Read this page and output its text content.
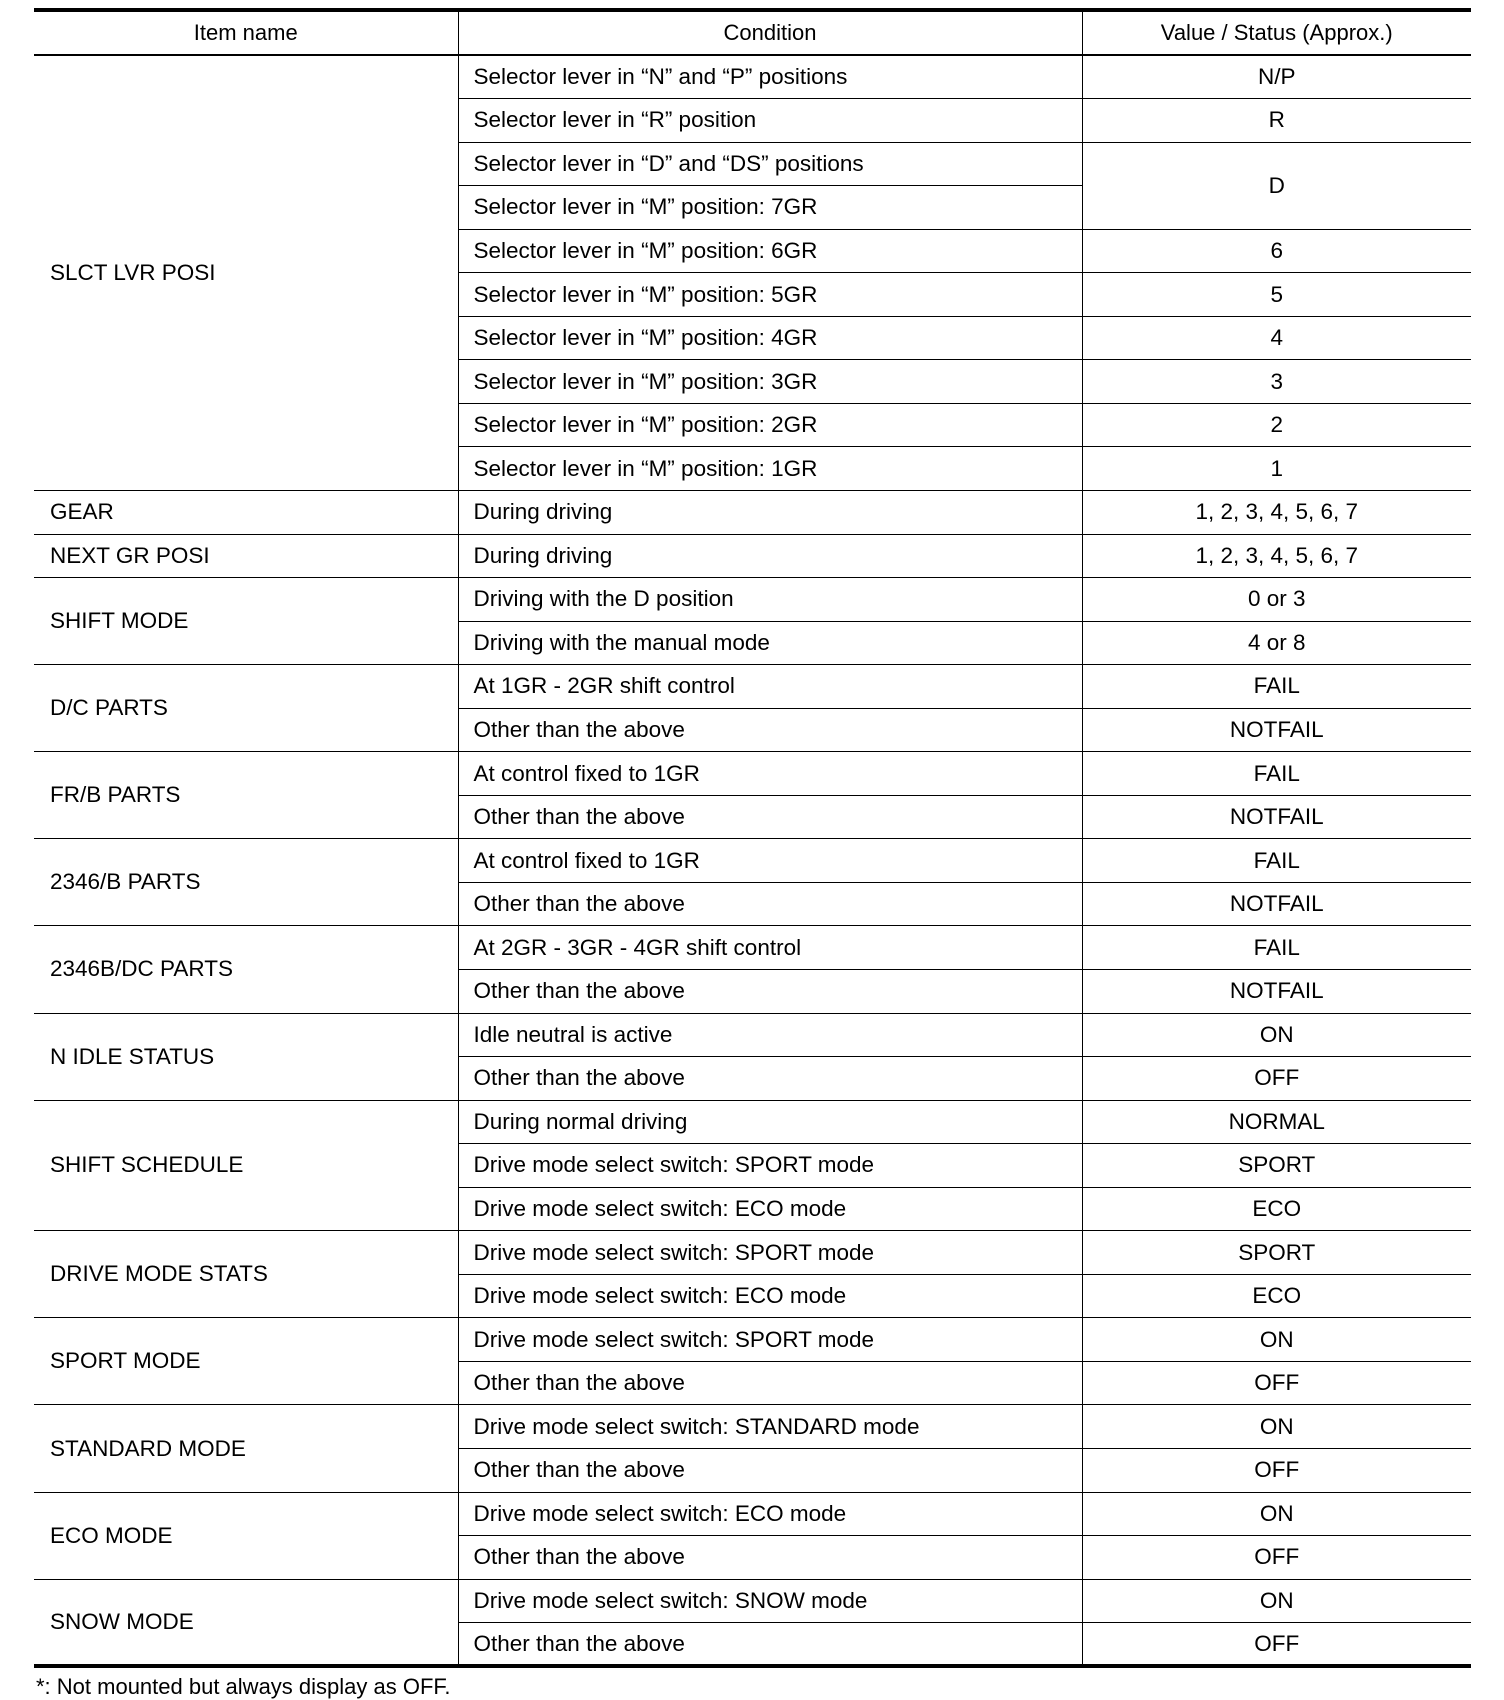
Item name	Condition	Value / Status (Approx.)
SLCT LVR POSI	Selector lever in “N” and “P” positions	N/P
	Selector lever in “R” position	R
	Selector lever in “D” and “DS” positions	D
	Selector lever in “M” position: 7GR	
	Selector lever in “M” position: 6GR	6
	Selector lever in “M” position: 5GR	5
	Selector lever in “M” position: 4GR	4
	Selector lever in “M” position: 3GR	3
	Selector lever in “M” position: 2GR	2
	Selector lever in “M” position: 1GR	1
GEAR	During driving	1, 2, 3, 4, 5, 6, 7
NEXT GR POSI	During driving	1, 2, 3, 4, 5, 6, 7
SHIFT MODE	Driving with the D position	0 or 3
	Driving with the manual mode	4 or 8
D/C PARTS	At 1GR - 2GR shift control	FAIL
	Other than the above	NOTFAIL
FR/B PARTS	At control fixed to 1GR	FAIL
	Other than the above	NOTFAIL
2346/B PARTS	At control fixed to 1GR	FAIL
	Other than the above	NOTFAIL
2346B/DC PARTS	At 2GR - 3GR - 4GR shift control	FAIL
	Other than the above	NOTFAIL
N IDLE STATUS	Idle neutral is active	ON
	Other than the above	OFF
SHIFT SCHEDULE	During normal driving	NORMAL
	Drive mode select switch: SPORT mode	SPORT
	Drive mode select switch: ECO mode	ECO
DRIVE MODE STATS	Drive mode select switch: SPORT mode	SPORT
	Drive mode select switch: ECO mode	ECO
SPORT MODE	Drive mode select switch: SPORT mode	ON
	Other than the above	OFF
STANDARD MODE	Drive mode select switch: STANDARD mode	ON
	Other than the above	OFF
ECO MODE	Drive mode select switch: ECO mode	ON
	Other than the above	OFF
SNOW MODE	Drive mode select switch: SNOW mode	ON
	Other than the above	OFF
*: Not mounted but always display as OFF.
